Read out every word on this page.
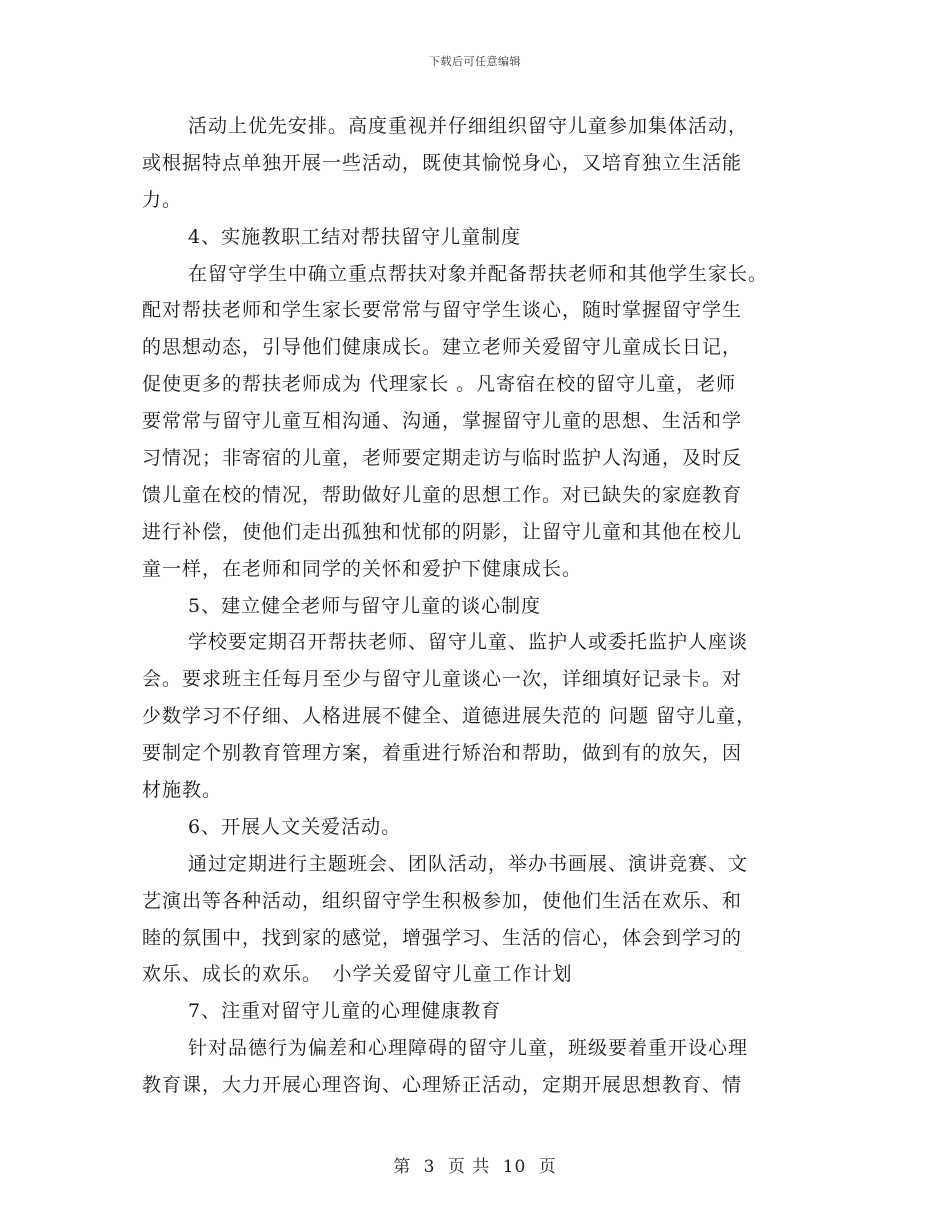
下载后可任意编辑
活动上优先安排。高度重视并仔细组织留守儿童参加集体活动，
或根据特点单独开展一些活动，既使其愉悦身心，又培育独立生活能
力。
4、实施教职工结对帮扶留守儿童制度
在留守学生中确立重点帮扶对象并配备帮扶老师和其他学生家长。
配对帮扶老师和学生家长要常常与留守学生谈心，随时掌握留守学生
的思想动态，引导他们健康成长。建立老师关爱留守儿童成长日记，
促使更多的帮扶老师成为 代理家长 。凡寄宿在校的留守儿童，老师
要常常与留守儿童互相沟通、沟通，掌握留守儿童的思想、生活和学
习情况；非寄宿的儿童，老师要定期走访与临时监护人沟通，及时反
馈儿童在校的情况，帮助做好儿童的思想工作。对已缺失的家庭教育
进行补偿，使他们走出孤独和忧郁的阴影，让留守儿童和其他在校儿
童一样，在老师和同学的关怀和爱护下健康成长。
5、建立健全老师与留守儿童的谈心制度
学校要定期召开帮扶老师、留守儿童、监护人或委托监护人座谈
会。要求班主任每月至少与留守儿童谈心一次，详细填好记录卡。对
少数学习不仔细、人格进展不健全、道德进展失范的 问题 留守儿童，
要制定个别教育管理方案，着重进行矫治和帮助，做到有的放矢，因
材施教。
6、开展人文关爱活动。
通过定期进行主题班会、团队活动，举办书画展、演讲竞赛、文
艺演出等各种活动，组织留守学生积极参加，使他们生活在欢乐、和
睦的氛围中，找到家的感觉，增强学习、生活的信心，体会到学习的
欢乐、成长的欢乐。　小学关爱留守儿童工作计划
7、注重对留守儿童的心理健康教育
针对品德行为偏差和心理障碍的留守儿童，班级要着重开设心理
教育课，大力开展心理咨询、心理矫正活动，定期开展思想教育、情
第 3 页 共 10 页
